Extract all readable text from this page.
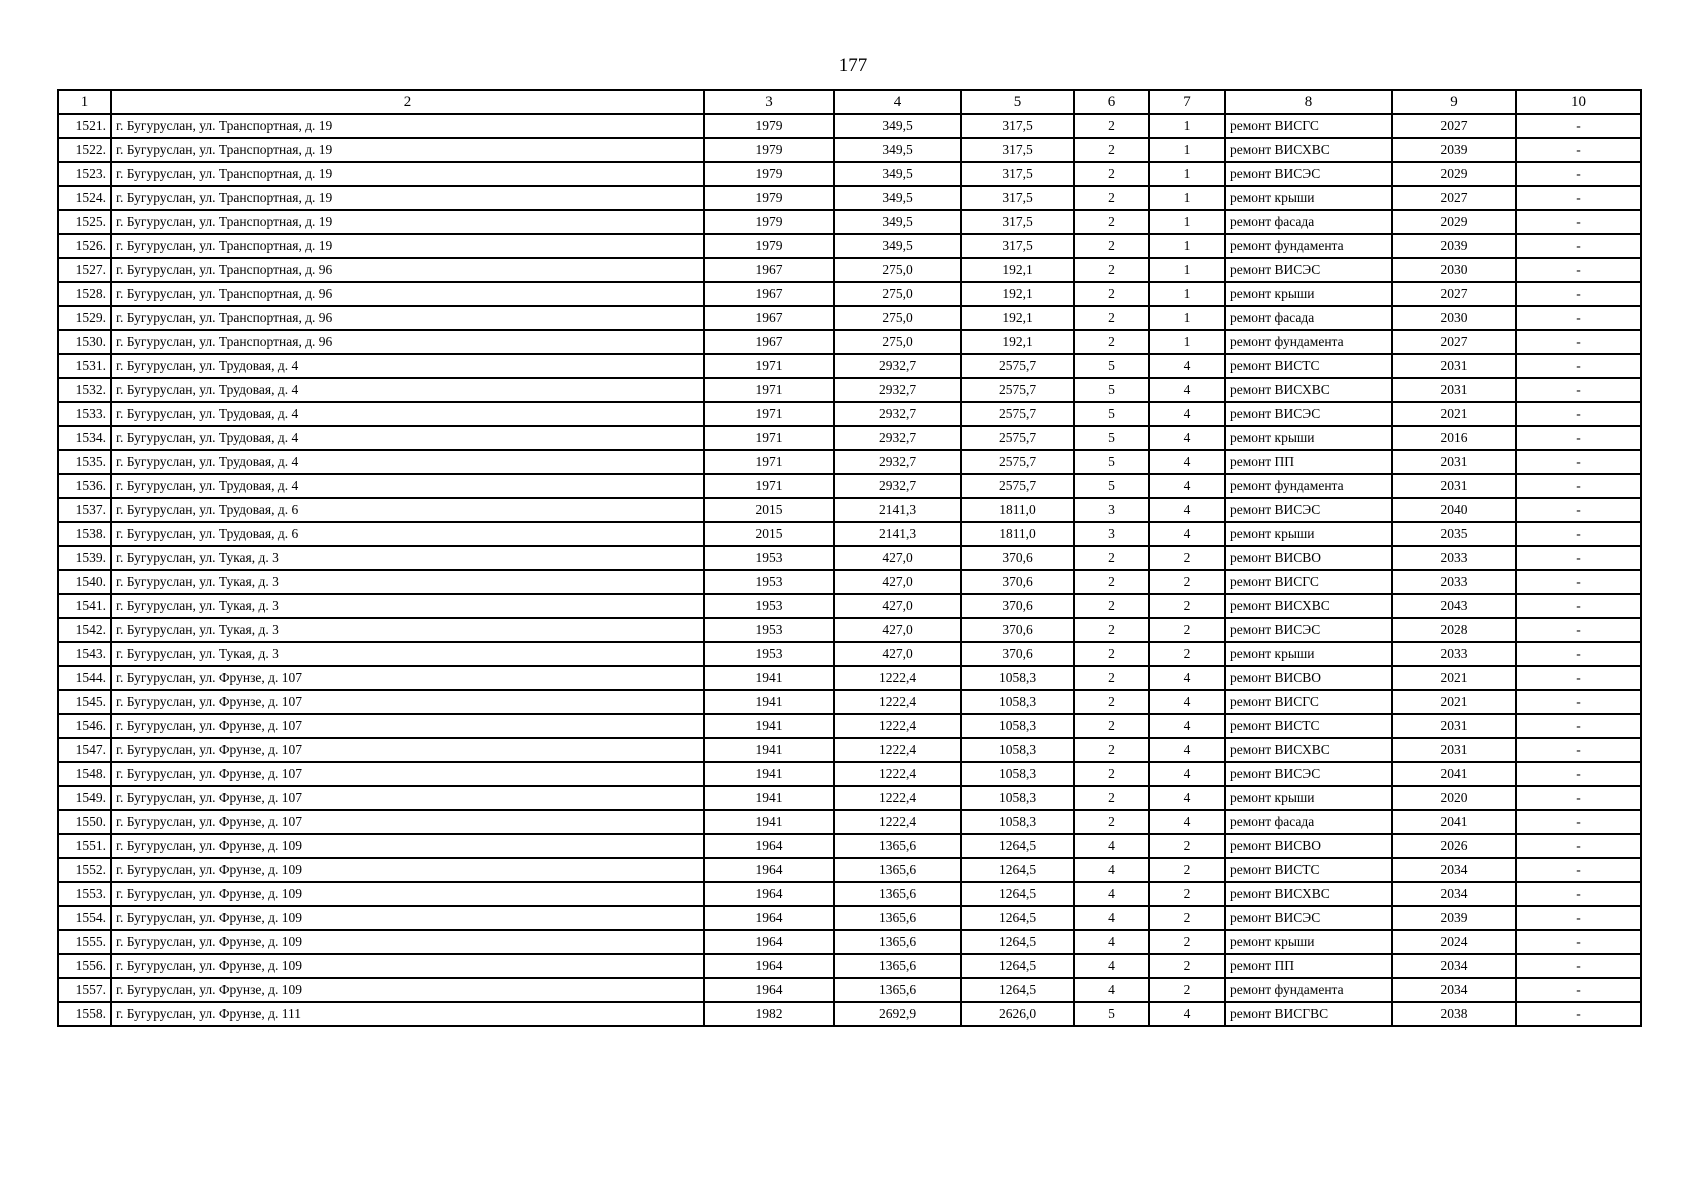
177
1	2	3	4	5	6	7	8	9	10
1521.	г. Бугуруслан, ул. Транспортная, д. 19	1979	349,5	317,5	2	1	ремонт ВИСГС	2027	-
1522.	г. Бугуруслан, ул. Транспортная, д. 19	1979	349,5	317,5	2	1	ремонт ВИСХВС	2039	-
1523.	г. Бугуруслан, ул. Транспортная, д. 19	1979	349,5	317,5	2	1	ремонт ВИСЭС	2029	-
1524.	г. Бугуруслан, ул. Транспортная, д. 19	1979	349,5	317,5	2	1	ремонт крыши	2027	-
1525.	г. Бугуруслан, ул. Транспортная, д. 19	1979	349,5	317,5	2	1	ремонт фасада	2029	-
1526.	г. Бугуруслан, ул. Транспортная, д. 19	1979	349,5	317,5	2	1	ремонт фундамента	2039	-
1527.	г. Бугуруслан, ул. Транспортная, д. 96	1967	275,0	192,1	2	1	ремонт ВИСЭС	2030	-
1528.	г. Бугуруслан, ул. Транспортная, д. 96	1967	275,0	192,1	2	1	ремонт крыши	2027	-
1529.	г. Бугуруслан, ул. Транспортная, д. 96	1967	275,0	192,1	2	1	ремонт фасада	2030	-
1530.	г. Бугуруслан, ул. Транспортная, д. 96	1967	275,0	192,1	2	1	ремонт фундамента	2027	-
1531.	г. Бугуруслан, ул. Трудовая, д. 4	1971	2932,7	2575,7	5	4	ремонт ВИСТС	2031	-
1532.	г. Бугуруслан, ул. Трудовая, д. 4	1971	2932,7	2575,7	5	4	ремонт ВИСХВС	2031	-
1533.	г. Бугуруслан, ул. Трудовая, д. 4	1971	2932,7	2575,7	5	4	ремонт ВИСЭС	2021	-
1534.	г. Бугуруслан, ул. Трудовая, д. 4	1971	2932,7	2575,7	5	4	ремонт крыши	2016	-
1535.	г. Бугуруслан, ул. Трудовая, д. 4	1971	2932,7	2575,7	5	4	ремонт ПП	2031	-
1536.	г. Бугуруслан, ул. Трудовая, д. 4	1971	2932,7	2575,7	5	4	ремонт фундамента	2031	-
1537.	г. Бугуруслан, ул. Трудовая, д. 6	2015	2141,3	1811,0	3	4	ремонт ВИСЭС	2040	-
1538.	г. Бугуруслан, ул. Трудовая, д. 6	2015	2141,3	1811,0	3	4	ремонт крыши	2035	-
1539.	г. Бугуруслан, ул. Тукая, д. 3	1953	427,0	370,6	2	2	ремонт ВИСВО	2033	-
1540.	г. Бугуруслан, ул. Тукая, д. 3	1953	427,0	370,6	2	2	ремонт ВИСГС	2033	-
1541.	г. Бугуруслан, ул. Тукая, д. 3	1953	427,0	370,6	2	2	ремонт ВИСХВС	2043	-
1542.	г. Бугуруслан, ул. Тукая, д. 3	1953	427,0	370,6	2	2	ремонт ВИСЭС	2028	-
1543.	г. Бугуруслан, ул. Тукая, д. 3	1953	427,0	370,6	2	2	ремонт крыши	2033	-
1544.	г. Бугуруслан, ул. Фрунзе, д. 107	1941	1222,4	1058,3	2	4	ремонт ВИСВО	2021	-
1545.	г. Бугуруслан, ул. Фрунзе, д. 107	1941	1222,4	1058,3	2	4	ремонт ВИСГС	2021	-
1546.	г. Бугуруслан, ул. Фрунзе, д. 107	1941	1222,4	1058,3	2	4	ремонт ВИСТС	2031	-
1547.	г. Бугуруслан, ул. Фрунзе, д. 107	1941	1222,4	1058,3	2	4	ремонт ВИСХВС	2031	-
1548.	г. Бугуруслан, ул. Фрунзе, д. 107	1941	1222,4	1058,3	2	4	ремонт ВИСЭС	2041	-
1549.	г. Бугуруслан, ул. Фрунзе, д. 107	1941	1222,4	1058,3	2	4	ремонт крыши	2020	-
1550.	г. Бугуруслан, ул. Фрунзе, д. 107	1941	1222,4	1058,3	2	4	ремонт фасада	2041	-
1551.	г. Бугуруслан, ул. Фрунзе, д. 109	1964	1365,6	1264,5	4	2	ремонт ВИСВО	2026	-
1552.	г. Бугуруслан, ул. Фрунзе, д. 109	1964	1365,6	1264,5	4	2	ремонт ВИСТС	2034	-
1553.	г. Бугуруслан, ул. Фрунзе, д. 109	1964	1365,6	1264,5	4	2	ремонт ВИСХВС	2034	-
1554.	г. Бугуруслан, ул. Фрунзе, д. 109	1964	1365,6	1264,5	4	2	ремонт ВИСЭС	2039	-
1555.	г. Бугуруслан, ул. Фрунзе, д. 109	1964	1365,6	1264,5	4	2	ремонт крыши	2024	-
1556.	г. Бугуруслан, ул. Фрунзе, д. 109	1964	1365,6	1264,5	4	2	ремонт ПП	2034	-
1557.	г. Бугуруслан, ул. Фрунзе, д. 109	1964	1365,6	1264,5	4	2	ремонт фундамента	2034	-
1558.	г. Бугуруслан, ул. Фрунзе, д. 111	1982	2692,9	2626,0	5	4	ремонт ВИСГВС	2038	-
